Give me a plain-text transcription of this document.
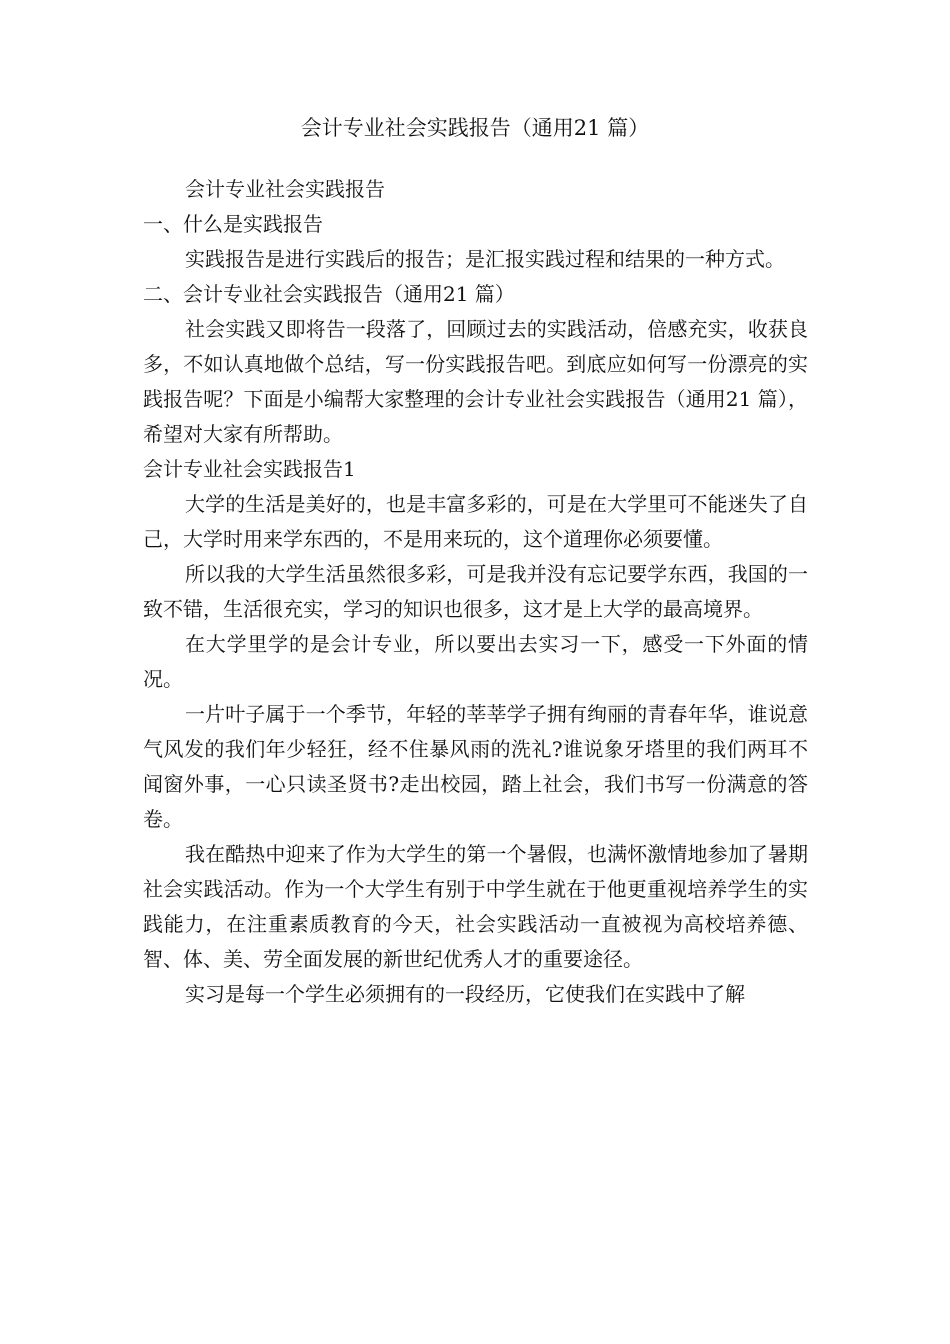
会计专业社会实践报告（通用21 篇）

会计专业社会实践报告

一、什么是实践报告

实践报告是进行实践后的报告；是汇报实践过程和结果的一种方式。

二、会计专业社会实践报告（通用21 篇）

社会实践又即将告一段落了，回顾过去的实践活动，倍感充实，收获良多，不如认真地做个总结，写一份实践报告吧。到底应如何写一份漂亮的实践报告呢？下面是小编帮大家整理的会计专业社会实践报告（通用21 篇），希望对大家有所帮助。

会计专业社会实践报告1

大学的生活是美好的，也是丰富多彩的，可是在大学里可不能迷失了自己，大学时用来学东西的，不是用来玩的，这个道理你必须要懂。

所以我的大学生活虽然很多彩，可是我并没有忘记要学东西，我国的一致不错，生活很充实，学习的知识也很多，这才是上大学的最高境界。

在大学里学的是会计专业，所以要出去实习一下，感受一下外面的情况。

一片叶子属于一个季节，年轻的莘莘学子拥有绚丽的青春年华，谁说意气风发的我们年少轻狂，经不住暴风雨的洗礼?谁说象牙塔里的我们两耳不闻窗外事，一心只读圣贤书?走出校园，踏上社会，我们书写一份满意的答卷。

我在酷热中迎来了作为大学生的第一个暑假，也满怀激情地参加了暑期社会实践活动。作为一个大学生有别于中学生就在于他更重视培养学生的实践能力，在注重素质教育的今天，社会实践活动一直被视为高校培养德、智、体、美、劳全面发展的新世纪优秀人才的重要途径。

实习是每一个学生必须拥有的一段经历，它使我们在实践中了解
